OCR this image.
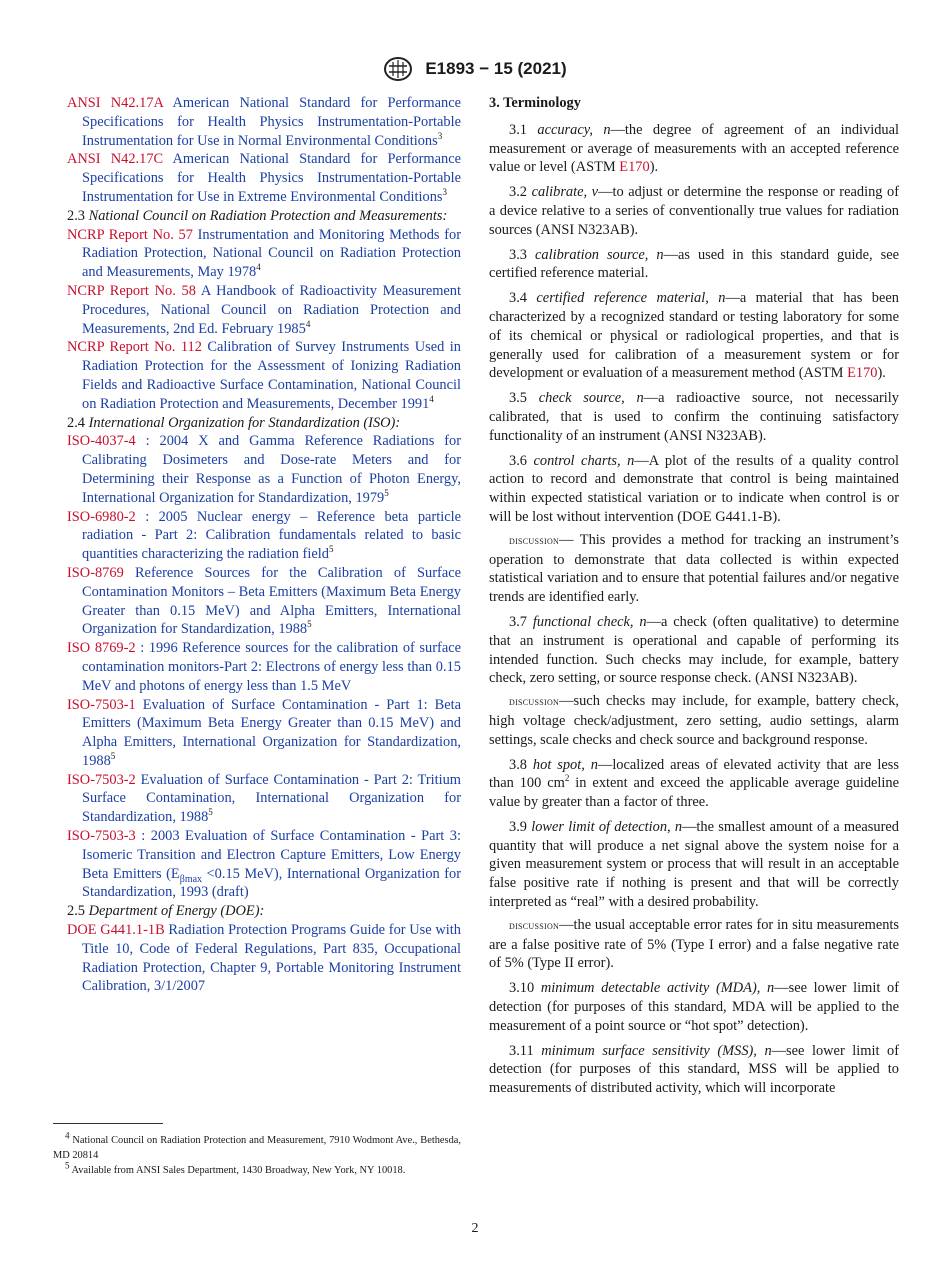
E1893 − 15 (2021)

ANSI N42.17A American National Standard for Performance Specifications for Health Physics Instrumentation-Portable Instrumentation for Use in Normal Environmental Conditions$^3$

ANSI N42.17C American National Standard for Performance Specifications for Health Physics Instrumentation-Portable Instrumentation for Use in Extreme Environmental Conditions$^3$

2.3 National Council on Radiation Protection and Measurements:

NCRP Report No. 57 Instrumentation and Monitoring Methods for Radiation Protection, National Council on Radiation Protection and Measurements, May 1978$^4$

NCRP Report No. 58 A Handbook of Radioactivity Measurement Procedures, National Council on Radiation Protection and Measurements, 2nd Ed. February 1985$^4$

NCRP Report No. 112 Calibration of Survey Instruments Used in Radiation Protection for the Assessment of Ionizing Radiation Fields and Radioactive Surface Contamination, National Council on Radiation Protection and Measurements, December 1991$^4$

2.4 International Organization for Standardization (ISO):

ISO-4037-4 : 2004 X and Gamma Reference Radiations for Calibrating Dosimeters and Dose-rate Meters and for Determining their Response as a Function of Photon Energy, International Organization for Standardization, 1979$^5$

ISO-6980-2 : 2005 Nuclear energy – Reference beta particle radiation - Part 2: Calibration fundamentals related to basic quantities characterizing the radiation field$^5$

ISO-8769 Reference Sources for the Calibration of Surface Contamination Monitors – Beta Emitters (Maximum Beta Energy Greater than 0.15 MeV) and Alpha Emitters, International Organization for Standardization, 1988$^5$

ISO 8769-2 : 1996 Reference sources for the calibration of surface contamination monitors-Part 2: Electrons of energy less than 0.15 MeV and photons of energy less than 1.5 MeV

ISO-7503-1 Evaluation of Surface Contamination - Part 1: Beta Emitters (Maximum Beta Energy Greater than 0.15 MeV) and Alpha Emitters, International Organization for Standardization, 1988$^5$

ISO-7503-2 Evaluation of Surface Contamination - Part 2: Tritium Surface Contamination, International Organization for Standardization, 1988$^5$

ISO-7503-3 : 2003 Evaluation of Surface Contamination - Part 3: Isomeric Transition and Electron Capture Emitters, Low Energy Beta Emitters ($E_{\beta max} <0.15$ MeV), International Organization for Standardization, 1993 (draft)

2.5 Department of Energy (DOE):

DOE G441.1-1B Radiation Protection Programs Guide for Use with Title 10, Code of Federal Regulations, Part 835, Occupational Radiation Protection, Chapter 9, Portable Monitoring Instrument Calibration, 3/1/2007

3. Terminology

3.1 accuracy, n—the degree of agreement of an individual measurement or average of measurements with an accepted reference value or level (ASTM E170).

3.2 calibrate, v—to adjust or determine the response or reading of a device relative to a series of conventionally true values for radiation sources (ANSI N323AB).

3.3 calibration source, n—as used in this standard guide, see certified reference material.

3.4 certified reference material, n—a material that has been characterized by a recognized standard or testing laboratory for some of its chemical or physical or radiological properties, and that is generally used for calibration of a measurement system or for development or evaluation of a measurement method (ASTM E170).

3.5 check source, n—a radioactive source, not necessarily calibrated, that is used to confirm the continuing satisfactory functionality of an instrument (ANSI N323AB).

3.6 control charts, n—A plot of the results of a quality control action to record and demonstrate that control is being maintained within expected statistical variation or to indicate when control is or will be lost without intervention (DOE G441.1-B).

discussion— This provides a method for tracking an instrument’s operation to demonstrate that data collected is within expected statistical variation and to ensure that potential failures and/or negative trends are identified early.

3.7 functional check, n—a check (often qualitative) to determine that an instrument is operational and capable of performing its intended function. Such checks may include, for example, battery check, zero setting, or source response check. (ANSI N323AB).

discussion—such checks may include, for example, battery check, high voltage check/adjustment, zero setting, audio settings, alarm settings, scale checks and check source and background response.

3.8 hot spot, n—localized areas of elevated activity that are less than 100 $cm^2$ in extent and exceed the applicable average guideline value by greater than a factor of three.

3.9 lower limit of detection, n—the smallest amount of a measured quantity that will produce a net signal above the system noise for a given measurement system or process that will result in an acceptable false positive rate if nothing is present and that will be correctly interpreted as “real” with a desired probability.

discussion—the usual acceptable error rates for in situ measurements are a false positive rate of 5% (Type I error) and a false negative rate of 5% (Type II error).

3.10 minimum detectable activity (MDA), n—see lower limit of detection (for purposes of this standard, MDA will be applied to the measurement of a point source or “hot spot” detection).

3.11 minimum surface sensitivity (MSS), n—see lower limit of detection (for purposes of this standard, MSS will be applied to measurements of distributed activity, which will incorporate

$^4$ National Council on Radiation Protection and Measurement, 7910 Wodmont Ave., Bethesda, MD 20814

$^5$ Available from ANSI Sales Department, 1430 Broadway, New York, NY 10018.

2
